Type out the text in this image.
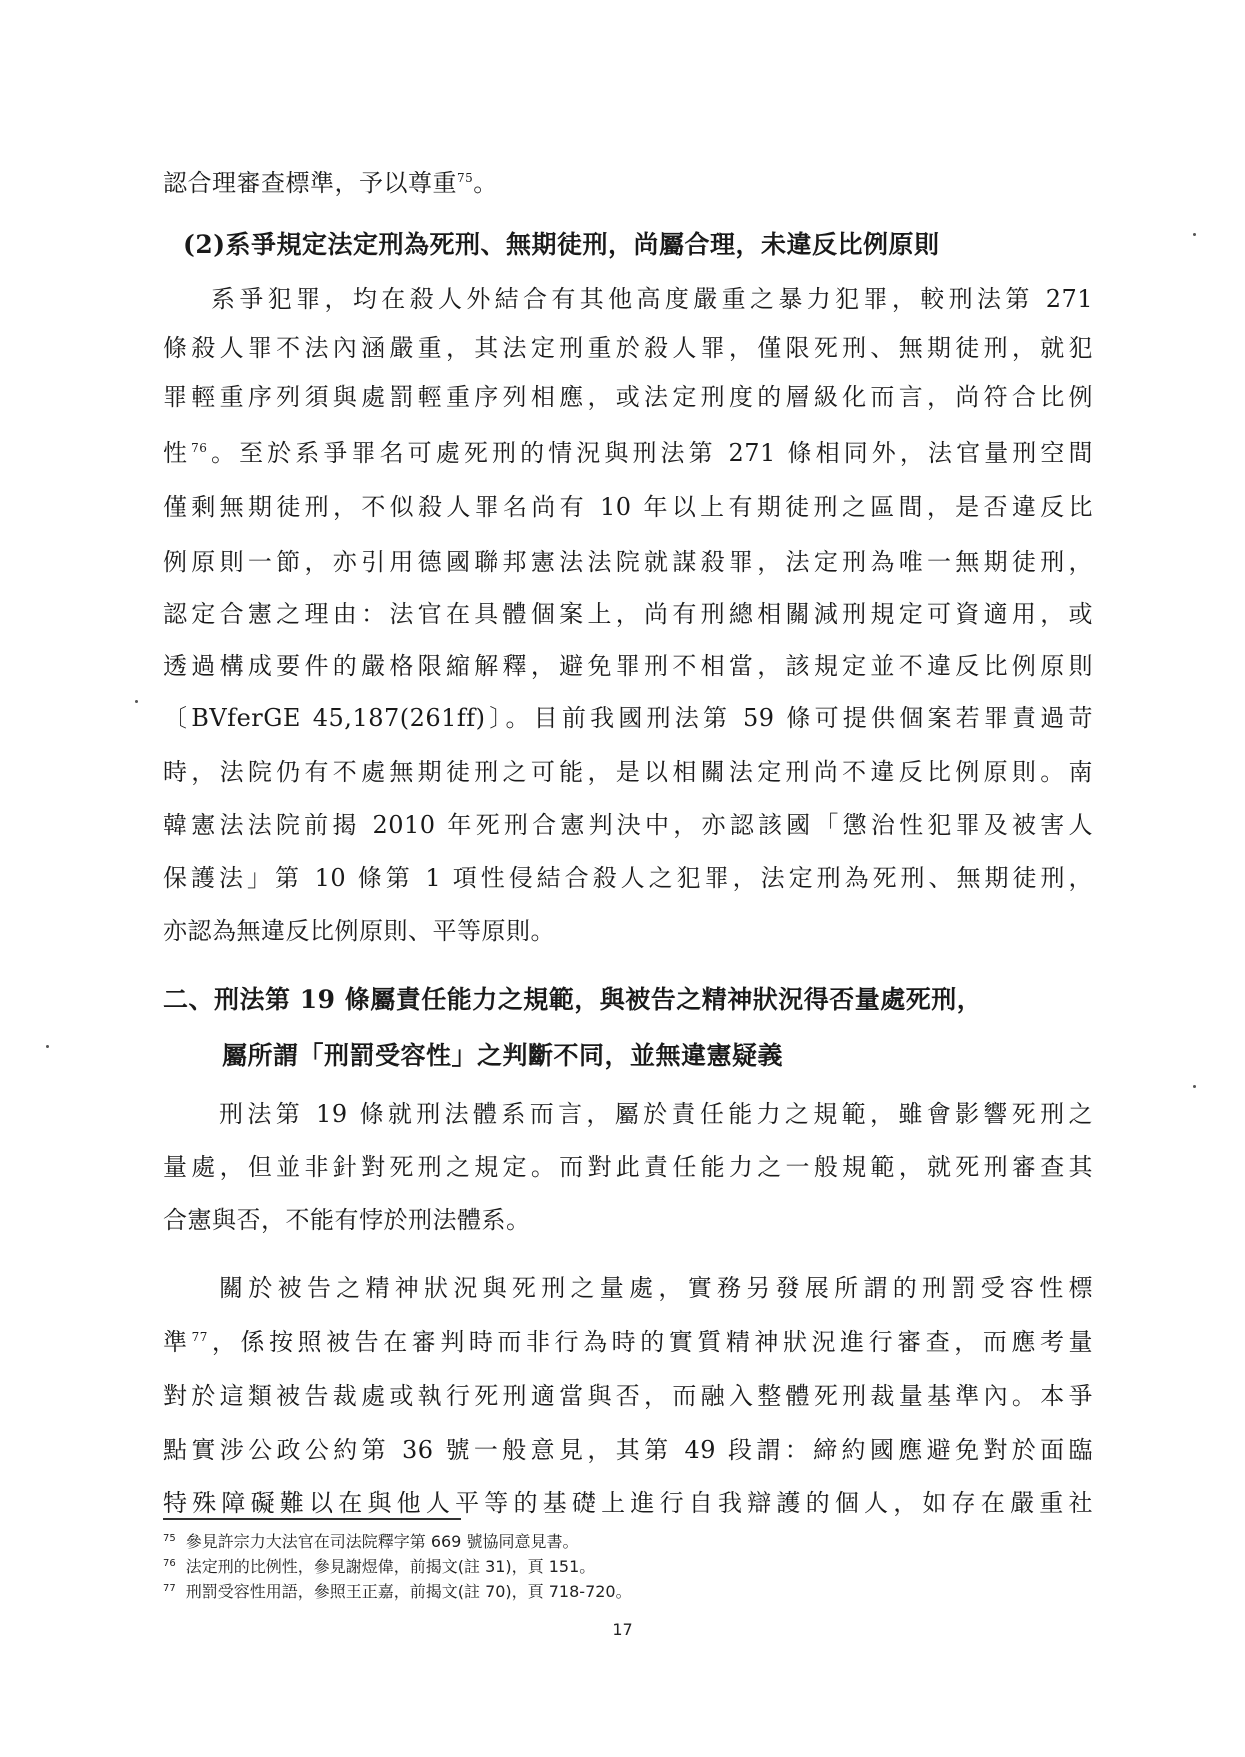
認合理審查標準，予以尊重$^{75}$。
(2)系爭規定法定刑為死刑、無期徒刑，尚屬合理，未違反比例原則
系爭犯罪，均在殺人外結合有其他高度嚴重之暴力犯罪，較刑法第 271
條殺人罪不法內涵嚴重，其法定刑重於殺人罪，僅限死刑、無期徒刑，就犯
罪輕重序列須與處罰輕重序列相應，或法定刑度的層級化而言，尚符合比例
性$^{76}$。至於系爭罪名可處死刑的情況與刑法第 271 條相同外，法官量刑空間
僅剩無期徒刑，不似殺人罪名尚有 10 年以上有期徒刑之區間，是否違反比
例原則一節，亦引用德國聯邦憲法法院就謀殺罪，法定刑為唯一無期徒刑，
認定合憲之理由：法官在具體個案上，尚有刑總相關減刑規定可資適用，或
透過構成要件的嚴格限縮解釋，避免罪刑不相當，該規定並不違反比例原則
〔BVferGE 45,187(261ff)〕。目前我國刑法第 59 條可提供個案若罪責過苛
時，法院仍有不處無期徒刑之可能，是以相關法定刑尚不違反比例原則。南
韓憲法法院前揭 2010 年死刑合憲判決中，亦認該國「懲治性犯罪及被害人
保護法」第 10 條第 1 項性侵結合殺人之犯罪，法定刑為死刑、無期徒刑，
亦認為無違反比例原則、平等原則。
二、刑法第 19 條屬責任能力之規範，與被告之精神狀況得否量處死刑，
屬所謂「刑罰受容性」之判斷不同，並無違憲疑義
刑法第 19 條就刑法體系而言，屬於責任能力之規範，雖會影響死刑之
量處，但並非針對死刑之規定。而對此責任能力之一般規範，就死刑審查其
合憲與否，不能有悖於刑法體系。
關於被告之精神狀況與死刑之量處，實務另發展所謂的刑罰受容性標
準$^{77}$，係按照被告在審判時而非行為時的實質精神狀況進行審查，而應考量
對於這類被告裁處或執行死刑適當與否，而融入整體死刑裁量基準內。本爭
點實涉公政公約第 36 號一般意見，其第 49 段謂：締約國應避免對於面臨
特殊障礙難以在與他人平等的基礎上進行自我辯護的個人，如存在嚴重社
$^{75}$ 參見許宗力大法官在司法院釋字第 669 號協同意見書。
$^{76}$ 法定刑的比例性，參見謝煜偉，前揭文(註 31)，頁 151。
$^{77}$ 刑罰受容性用語，參照王正嘉，前揭文(註 70)，頁 718-720。
17
